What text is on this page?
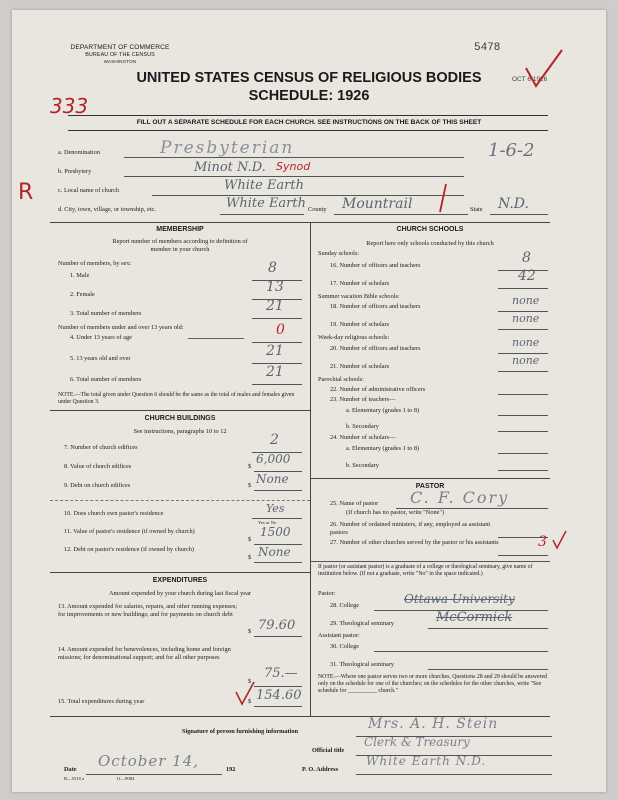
DEPARTMENT OF COMMERCE
BUREAU OF THE CENSUS
WASHINGTON
5478
OCT 6 1926
UNITED STATES CENSUS OF RELIGIOUS BODIES
SCHEDULE: 1926
333
R
FILL OUT A SEPARATE SCHEDULE FOR EACH CHURCH. SEE INSTRUCTIONS ON THE BACK OF THIS SHEET
1-6-2
a. Denomination	Presbyterian
b. Presbytery	Minot N.D. Synod
c. Local name of church	White Earth
d. City, town, village, or township, etc.	White Earth County Mountrail	State N.D.
MEMBERSHIP
Report number of members according to definition of
member in your church
Number of members, by sex:
1. Male	8
2. Female	13
3. Total number of members	21
Number of members under and over 13 years old:
4. Under 13 years of age	0
5. 13 years old and over	21
6. Total number of members	21
NOTE.—The total given under Question 6 should be the same as the total of males and females given under Question 3.
CHURCH BUILDINGS
See instructions, paragraphs 10 to 12
7. Number of church edifices	2
8. Value of church edifices	$
6,000
9. Debt on church edifices	$ None
10. Does church own pastor's residence	Yes
Yes or No
11. Value of pastor's residence (if owned by church)
$
1500
12. Debt on pastor's residence (if owned by church)
$ None
EXPENDITURES
Amount expended by your church during last fiscal year
13. Amount expended for salaries, repairs, and other running expenses; for improvements or new buildings; and for payments on church debt
$ 79.60
14. Amount expended for benevolences, including home and foreign missions; for denominational support; and for all other purposes
$
75.—
15. Total expenditures during year	$ 154.60
CHURCH SCHOOLS
Report here only schools conducted by this church
Sunday schools:
16. Number of officers and teachers	8
17. Number of scholars	42
Summer vacation Bible schools:
18. Number of officers and teachers	none
19. Number of scholars	none
Week-day religious schools:
20. Number of officers and teachers	none
21. Number of scholars	none
Parochial schools:
22. Number of administrative officers
23. Number of teachers—
a. Elementary (grades 1 to 8)
b. Secondary
24. Number of scholars—
a. Elementary (grades 1 to 8)
b. Secondary
PASTOR
25. Name of pastor C. F. Cory
(If church has no pastor, write "None")
26. Number of ordained ministers, if any, employed as assistant pastors
27. Number of other churches served by the pastor or his assistants	3
If pastor (or assistant pastor) is a graduate of a college or theological seminary, give name of institution below. (If not a graduate, write "No" in the space indicated.)
Pastor:
28. College	Ottawa University
29. Theological seminary	McCormick
Assistant pastor:
30. College
31. Theological seminary
NOTE.—Where one pastor serves two or more churches, Questions 28 and 29 should be answered only on the schedule for one of the churches; on the schedules for the other churches, write "See schedule for __________ church."
Signature of person furnishing information	Mrs. A. H. Stein
Official title
Clerk & Treasury
Date October 14,	192	P. O. Address
White Earth N.D.
B—5518 a	11—9084
